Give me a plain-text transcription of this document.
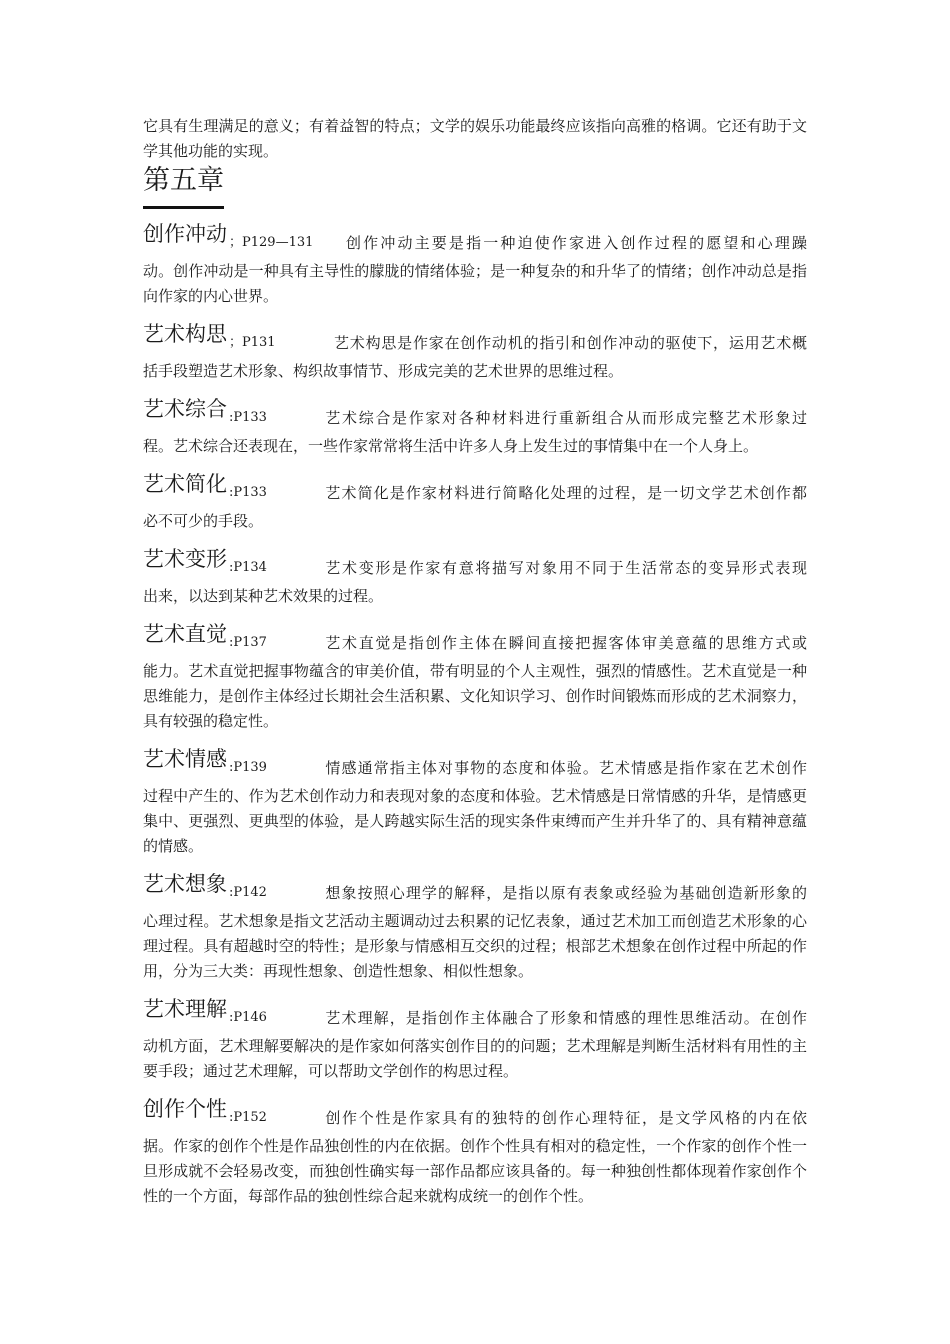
它具有生理满足的意义；有着益智的特点；文学的娱乐功能最终应该指向高雅的格调。它还有助于文学其他功能的实现。

第五章
创作冲动 ； P129—131	创作冲动主要是指一种迫使作家进入创作过程的愿望和心理躁

动。创作冲动是一种具有主导性的朦胧的情绪体验；是一种复杂的和升华了的情绪；创作冲动总是指向作家的内心世界。

艺术构思 ； P131	艺术构思是作家在创作动机的指引和创作冲动的驱使下，运用艺术概

括手段塑造艺术形象、构织故事情节、形成完美的艺术世界的思维过程。

艺术综合 : P133	艺术综合是作家对各种材料进行重新组合从而形成完整艺术形象过

程。艺术综合还表现在，一些作家常常将生活中许多人身上发生过的事情集中在一个人身上。

艺术简化 : P133	艺术简化是作家材料进行简略化处理的过程，是一切文学艺术创作都

必不可少的手段。

艺术变形 : P134	艺术变形是作家有意将描写对象用不同于生活常态的变异形式表现

出来，以达到某种艺术效果的过程。

艺术直觉 : P137	艺术直觉是指创作主体在瞬间直接把握客体审美意蕴的思维方式或

能力。艺术直觉把握事物蕴含的审美价值，带有明显的个人主观性，强烈的情感性。艺术直觉是一种思维能力，是创作主体经过长期社会生活积累、文化知识学习、创作时间锻炼而形成的艺术洞察力，具有较强的稳定性。

艺术情感 : P139	情感通常指主体对事物的态度和体验。艺术情感是指作家在艺术创作

过程中产生的、作为艺术创作动力和表现对象的态度和体验。艺术情感是日常情感的升华，是情感更集中、更强烈、更典型的体验，是人跨越实际生活的现实条件束缚而产生并升华了的、具有精神意蕴的情感。

艺术想象 : P142	想象按照心理学的解释，是指以原有表象或经验为基础创造新形象的

心理过程。艺术想象是指文艺活动主题调动过去积累的记忆表象，通过艺术加工而创造艺术形象的心理过程。具有超越时空的特性；是形象与情感相互交织的过程；根部艺术想象在创作过程中所起的作用，分为三大类：再现性想象、创造性想象、相似性想象。

艺术理解 : P146	艺术理解，是指创作主体融合了形象和情感的理性思维活动。在创作

动机方面，艺术理解要解决的是作家如何落实创作目的的问题；艺术理解是判断生活材料有用性的主要手段；通过艺术理解，可以帮助文学创作的构思过程。

创作个性 : P152	创作个性是作家具有的独特的创作心理特征，是文学风格的内在依

据。作家的创作个性是作品独创性的内在依据。创作个性具有相对的稳定性，一个作家的创作个性一旦形成就不会轻易改变，而独创性确实每一部作品都应该具备的。每一种独创性都体现着作家创作个性的一个方面，每部作品的独创性综合起来就构成统一的创作个性。
